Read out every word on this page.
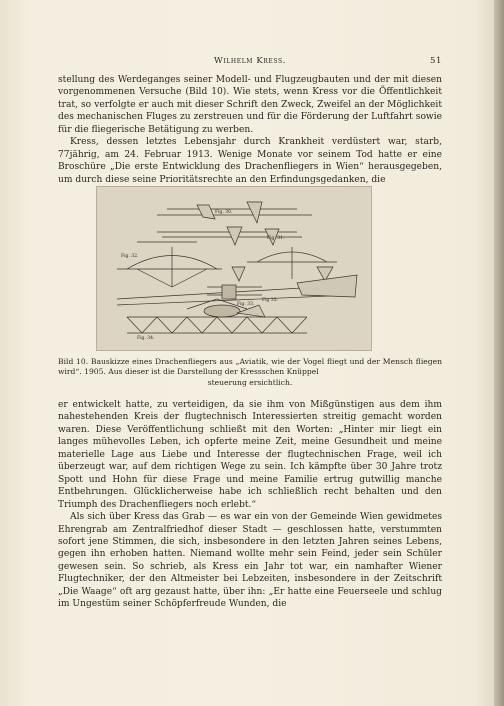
Wilhelm Kress.	51

stellung des Werdeganges seiner Modell- und Flugzeugbauten und der mit diesen vorgenommenen Versuche (Bild 10). Wie stets, wenn Kress vor die Öffentlichkeit trat, so verfolgte er auch mit dieser Schrift den Zweck, Zweifel an der Möglichkeit des mechanischen Fluges zu zerstreuen und für die Förderung der Luftfahrt sowie für die fliegerische Betätigung zu werben.

Kress, dessen letztes Lebensjahr durch Krankheit verdüstert war, starb, 77jährig, am 24. Februar 1913. Wenige Monate vor seinem Tod hatte er eine Broschüre „Die erste Entwicklung des Drachenfliegers in Wien“ herausgegeben, um durch diese seine Prioritätsrechte an den Erfindungsgedanken, die

Fig. 30.
Fig. 31.
Fig. 32.
Fig. 33.
Fig. 34.
Fig 35.
Bild 10. Bauskizze eines Drachenfliegers aus „Aviatik, wie der Vogel fliegt und der Mensch fliegen wird“. 1905. Aus dieser ist die Darstellung der Kressschen Knüppel
steuerung ersichtlich.

er entwickelt hatte, zu verteidigen, da sie ihm von Mißgünstigen aus dem ihm nahestehenden Kreis der flugtechnisch Interessierten streitig gemacht worden waren. Diese Veröffentlichung schließt mit den Worten: „Hinter mir liegt ein langes mühevolles Leben, ich opferte meine Zeit, meine Gesundheit und meine materielle Lage aus Liebe und Interesse der flugtechnischen Frage, weil ich überzeugt war, auf dem richtigen Wege zu sein. Ich kämpfte über 30 Jahre trotz Spott und Hohn für diese Frage und meine Familie ertrug gutwillig manche Entbehrungen. Glücklicherweise habe ich schließlich recht behalten und den Triumph des Drachenfliegers noch erlebt.“

Als sich über Kress das Grab — es war ein von der Gemeinde Wien gewidmetes Ehrengrab am Zentralfriedhof dieser Stadt — geschlossen hatte, verstummten sofort jene Stimmen, die sich, insbesondere in den letzten Jahren seines Lebens, gegen ihn erhoben hatten. Niemand wollte mehr sein Feind, jeder sein Schüler gewesen sein. So schrieb, als Kress ein Jahr tot war, ein namhafter Wiener Flugtechniker, der den Altmeister bei Lebzeiten, insbesondere in der Zeitschrift „Die Waage“ oft arg gezaust hatte, über ihn: „Er hatte eine Feuerseele und schlug im Ungestüm seiner Schöpferfreude Wunden, die
